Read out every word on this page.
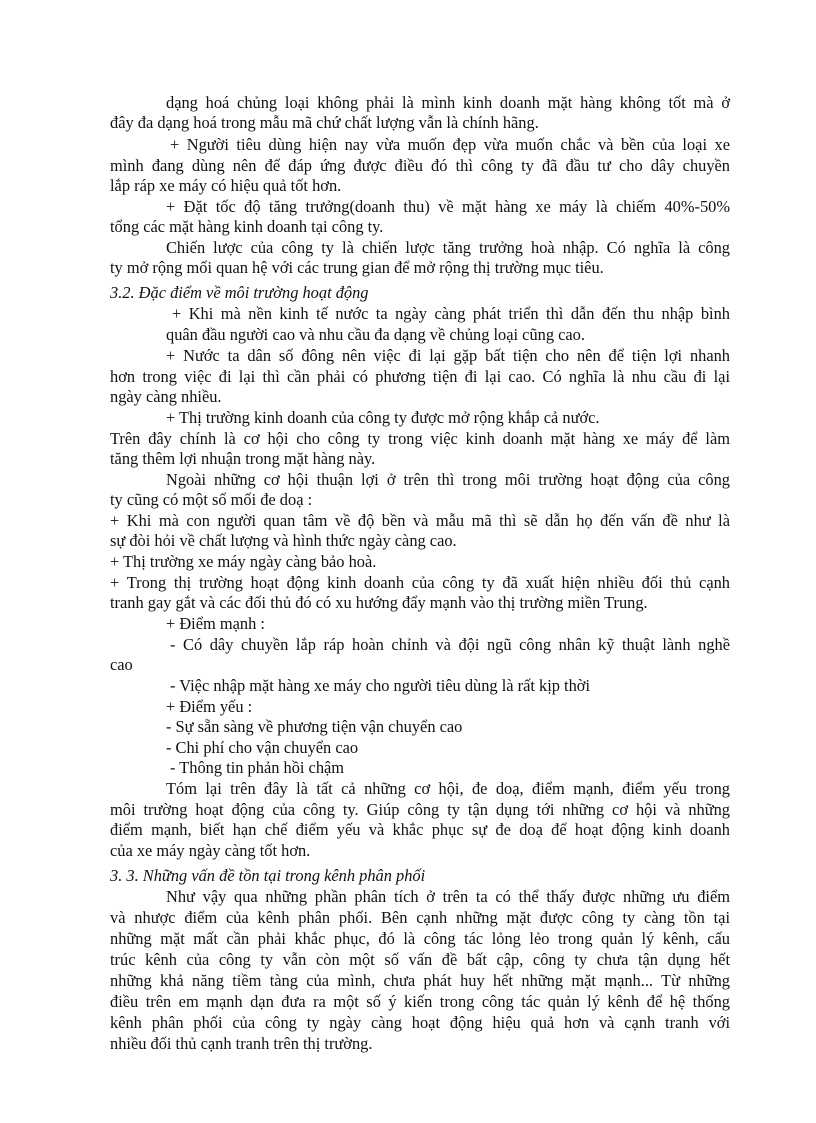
dạng hoá chủng loại không phải là mình kinh doanh mặt hàng không tốt mà ở
đây đa dạng hoá trong mẫu mã chứ chất lượng vẫn là chính hãng.
+ Người tiêu dùng hiện nay vừa muốn đẹp vừa muốn chắc và bền của loại xe
mình đang dùng nên để đáp ứng được điều đó thì công ty đã đầu tư cho dây chuyền
lắp ráp xe máy có hiệu quả tốt hơn.
+ Đặt tốc độ tăng trưởng(doanh thu) về mặt hàng xe máy là chiếm 40%-50%
tổng các mặt hàng kinh doanh tại công ty.
Chiến lược của công ty là chiến lược tăng trưởng hoà nhập. Có nghĩa là công
ty mở rộng mối quan hệ với các trung gian để mở rộng thị trường mục tiêu.
3.2. Đặc điểm về môi trường hoạt động
+ Khi mà nền kinh tế nước ta ngày càng phát triển thì dẫn đến thu nhập bình
quân đầu người cao và nhu cầu đa dạng về chủng loại cũng cao.
+ Nước ta dân số đông nên việc đi lại gặp bất tiện cho nên để tiện lợi nhanh
hơn trong việc đi lại thì cần phải có phương tiện đi lại cao. Có nghĩa là nhu cầu đi lại
ngày càng nhiều.
+ Thị trường kinh doanh của công ty được mở rộng khắp cả nước.
Trên đây chính là cơ hội cho công ty trong việc kinh doanh mặt hàng xe máy để làm
tăng thêm lợi nhuận trong mặt hàng này.
Ngoài những cơ hội thuận lợi ở trên thì trong môi trường hoạt động của công
ty cũng có một số mối đe doạ :
+ Khi mà con người quan tâm về độ bền và mẫu mã thì sẽ dẫn họ đến vấn đề như là
sự đòi hỏi về chất lượng và hình thức ngày càng cao.
+ Thị trường xe máy ngày càng bảo hoà.
+ Trong thị trường hoạt động kinh doanh của công ty đã xuất hiện nhiều đối thủ cạnh
tranh gay gắt và các đối thủ đó có xu hướng đẩy mạnh vào thị trường miền Trung.
+ Điểm mạnh :
- Có dây chuyền lắp ráp hoàn chỉnh và đội ngũ công nhân kỹ thuật lành nghề
cao
- Việc nhập mặt hàng xe máy cho người tiêu dùng là rất kịp thời
+ Điểm yếu :
- Sự sẵn sàng về phương tiện vận chuyển cao
- Chi phí cho vận chuyển cao
- Thông tin phản hồi chậm
Tóm lại trên đây là tất cả những cơ hội, đe doạ, điểm mạnh, điểm yếu trong
môi trường hoạt động của công ty. Giúp công ty tận dụng tới những cơ hội và những
điểm mạnh, biết hạn chế điểm yếu và khắc phục sự đe doạ để hoạt động kinh doanh
của xe máy ngày càng tốt hơn.
3. 3. Những vấn đề tồn tại trong kênh phân phối
Như vậy qua những phần phân tích ở trên ta có thể thấy được những ưu điểm
và nhược điểm của kênh phân phối. Bên cạnh những mặt được công ty càng tồn tại
những mặt mất cần phải khắc phục, đó là công tác lỏng lẻo trong quản lý kênh, cấu
trúc kênh của công ty vẫn còn một số vấn đề bất cập, công ty chưa tận dụng hết
những khả năng tiềm tàng của mình, chưa phát huy hết những mặt mạnh... Từ những
điều trên em mạnh dạn đưa ra một số ý kiến trong công tác quản lý kênh để hệ thống
kênh phân phối của công ty ngày càng hoạt động hiệu quả hơn và cạnh tranh với
nhiều đối thủ cạnh tranh trên thị trường.
